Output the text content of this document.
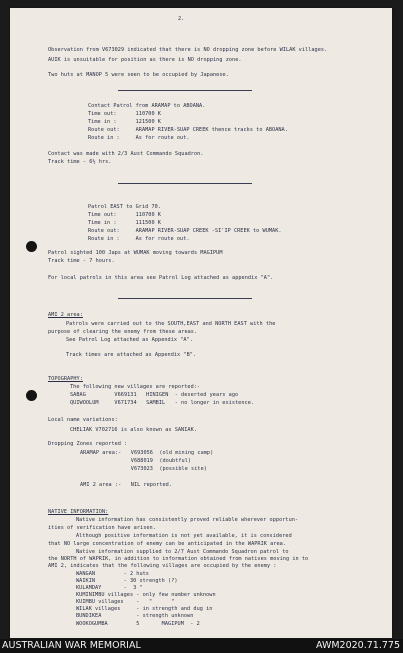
2.
Observation from V673029 indicated that there is NO dropping zone before WILAK villages.
AUIK is unsuitable for position as there is NO dropping zone.
Two huts at MANOP 5 were seen to be occupied by Japanese.
Contact Patrol from ARAMAP to ABOANA.
Time out:      110700 K
Time in :      121500 K
Route out:     ARAMAP RIVER-SUAP CREEK thence tracks to ABOANA.
Route in :     As for route out.
Contact was made with 2/3 Aust Commando Squadron.
Track time - 6½ hrs.
Patrol EAST to Grid 70.
Time out:      110700 K
Time in :      111500 K
Route out:     ARAMAP RIVER-SUAP CREEK -SI'IP CREEK to WUMAK.
Route in :     As for route out.
Patrol sighted 100 Japs at WUMAK moving towards MAGIPUM
Track time - 7 hours.
For local patrols in this area see Patrol Log attached as appendix "A".
AMI 2 area:
Patrols were carried out to the SOUTH,EAST and NORTH EAST with the
purpose of clearing the enemy from these areas.
See Patrol Log attached as Appendix "A".
Track times are attached as Appendix "B".
TOPOGRAPHY:
The following new villages are reported:-
SABAG         V669131   HINIGEN  - deserted years ago
QUIWOOLUM     V671734   SAMBIL   - no longer in existence.
Local name variations:
CHELIAK V702716 is also known as SANIAK.
Dropping Zones reported :
ARAMAP area:-   V693056  (old mining camp)
V688019  (doubtful)
V673023  (possible site)
AMI 2 area :-   NIL reported.
NATIVE INFORMATION:
Native information has consistently proved reliable wherever opportun-
ities of verification have arisen.
Although positive information is not yet available, it is considered
that NO large concentration of enemy can be anticipated in the WAPRIK area.
Native information supplied to 2/7 Aust Commando Squadron patrol to
the NORTH of WAPRIK, in addition to information obtained from natives moving in to
AMI 2, indicates that the following villages are occupied by the enemy :
WANGAN         - 2 huts
WAIKIN         - 30 strength (?)
KULAMDAY       -  3 "
KUMINIMBU villages - only few number unknown
KUIMBU villages    -   "      "
WILAK villages     - in strength and dug in
BUNDIKEA           - strength unknown
WOOKOGUMBA         5       MAGIPUM  - 2
AUSTRALIAN WAR MEMORIAL	AWM2020.71.775
